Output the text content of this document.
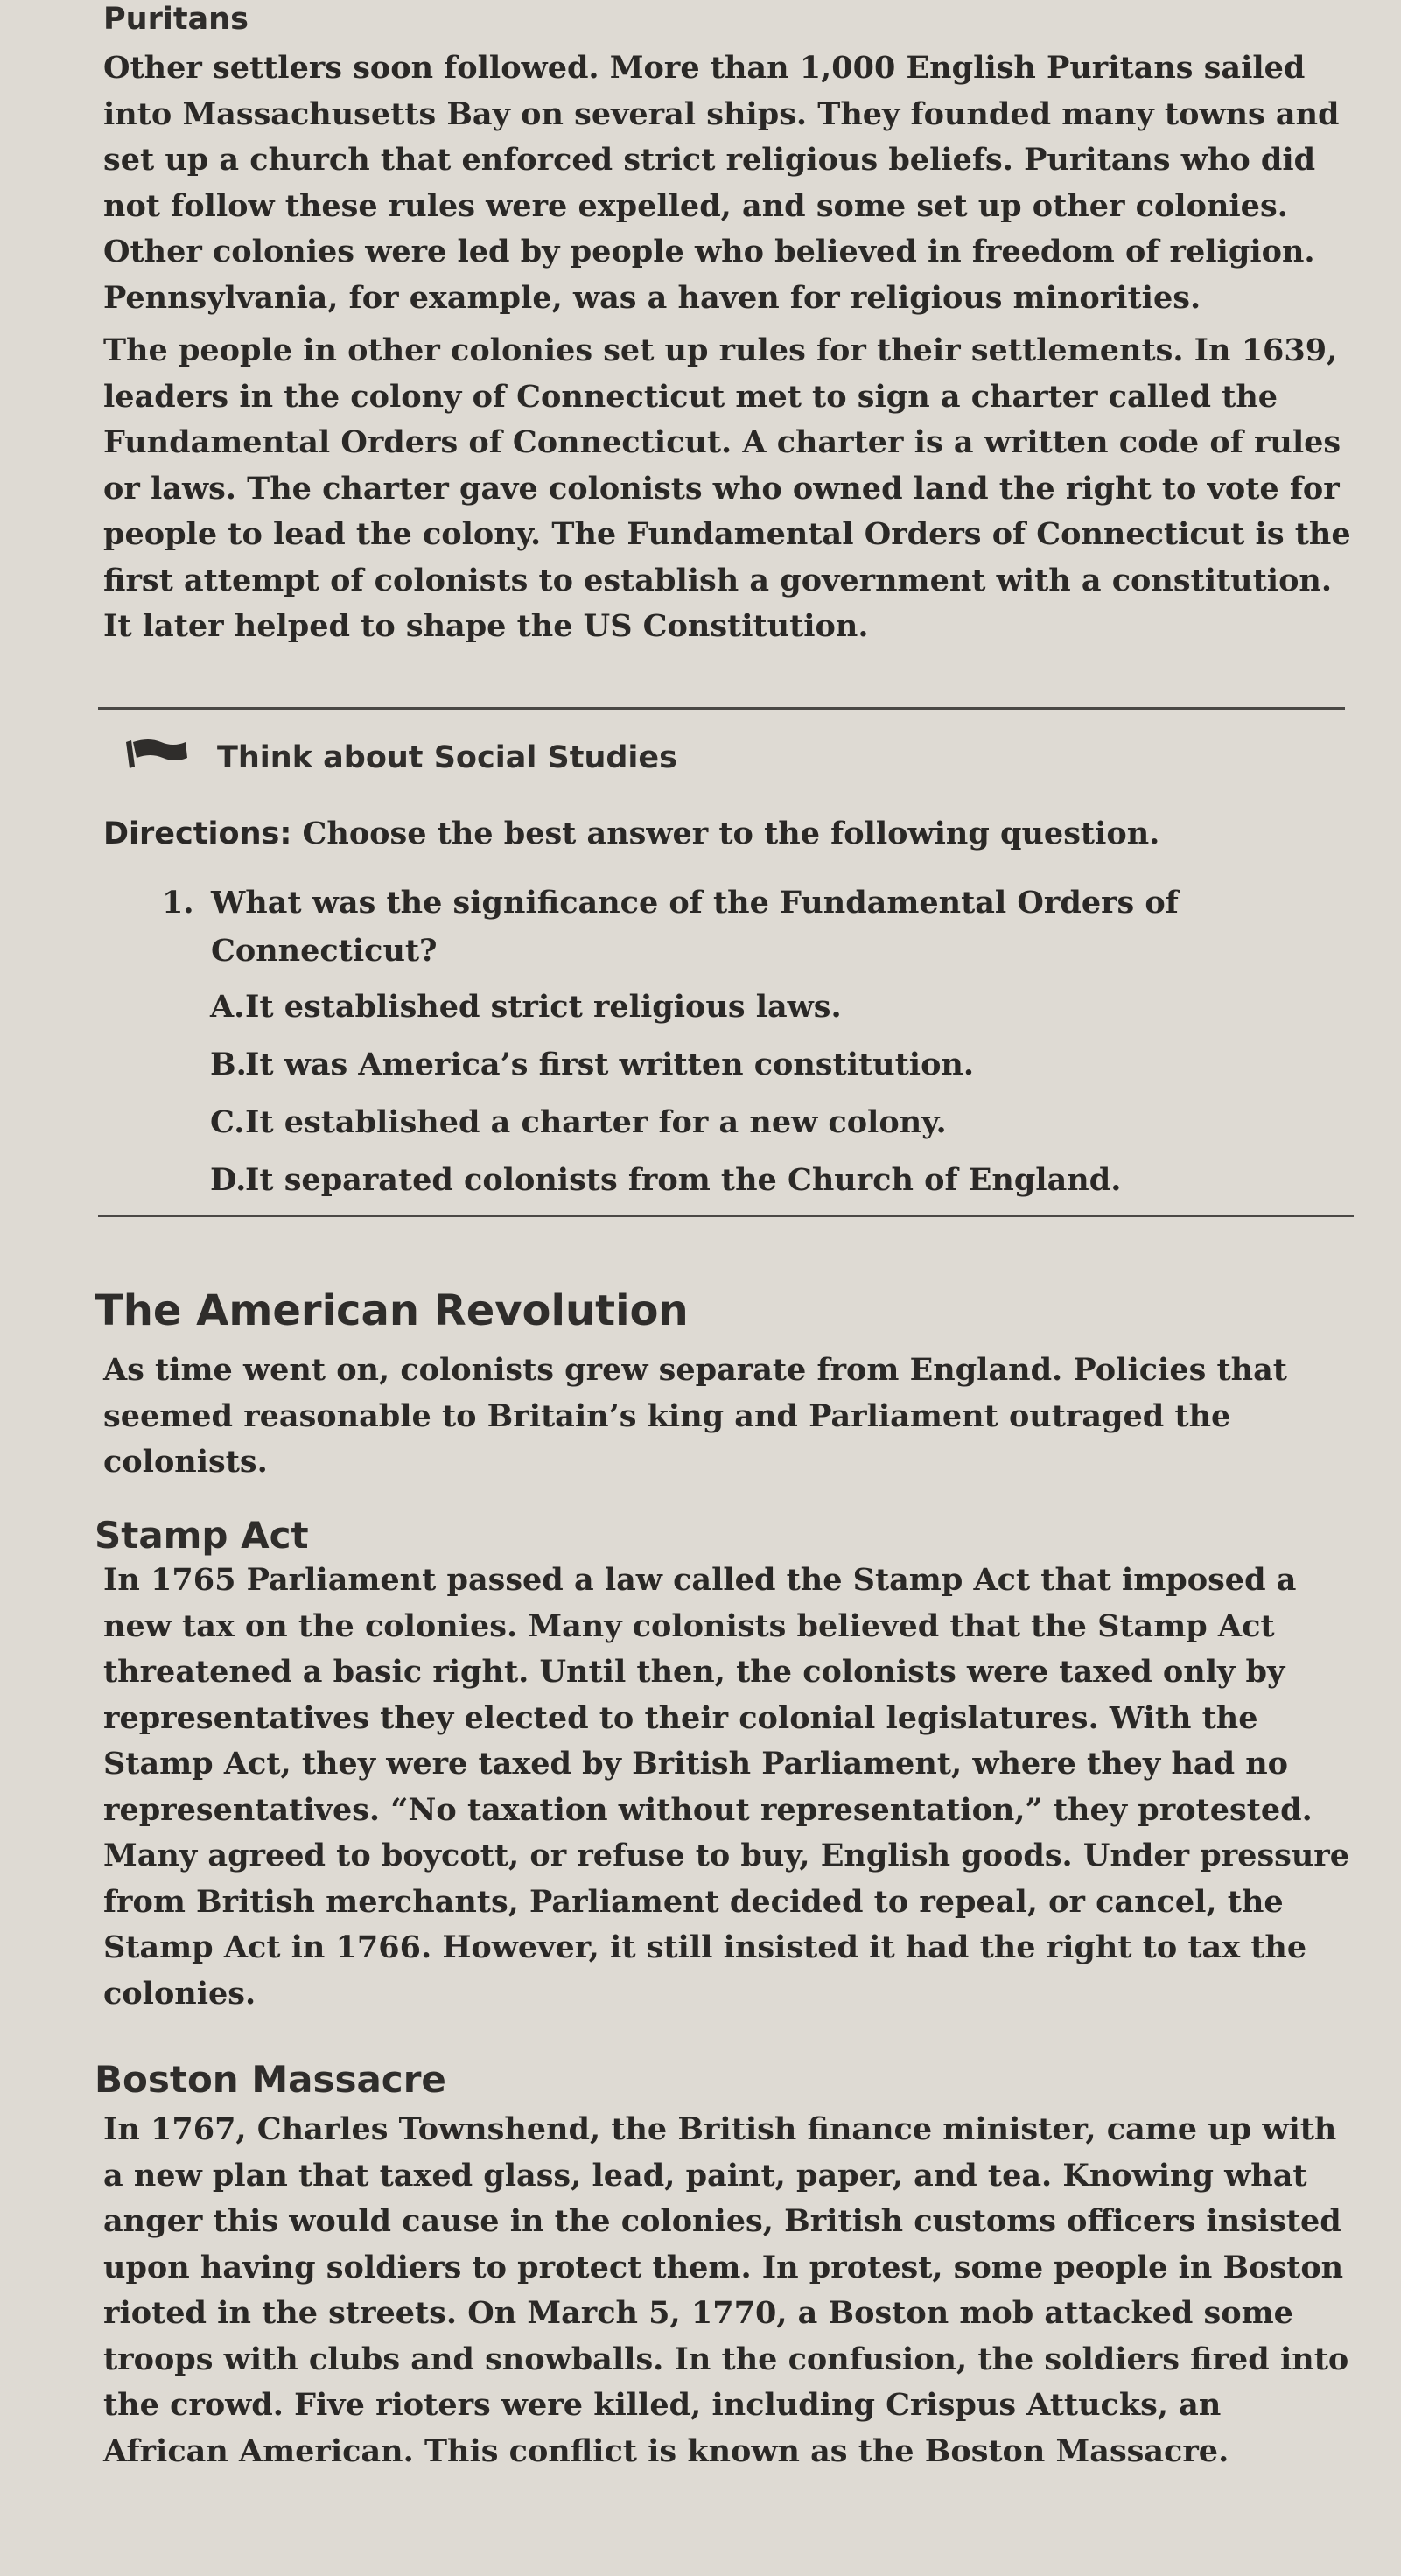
Puritans

Other settlers soon followed. More than 1,000 English Puritans sailed into Massachusetts Bay on several ships. They founded many towns and set up a church that enforced strict religious beliefs. Puritans who did not follow these rules were expelled, and some set up other colonies. Other colonies were led by people who believed in freedom of religion. Pennsylvania, for example, was a haven for religious minorities.

The people in other colonies set up rules for their settlements. In 1639, leaders in the colony of Connecticut met to sign a charter called the Fundamental Orders of Connecticut. A charter is a written code of rules or laws. The charter gave colonists who owned land the right to vote for people to lead the colony. The Fundamental Orders of Connecticut is the first attempt of colonists to establish a government with a constitution. It later helped to shape the US Constitution.

Think about Social Studies
Directions: Choose the best answer to the following question.
1. What was the significance of the Fundamental Orders of Connecticut?
A.It established strict religious laws.
B.It was America’s first written constitution.
C.It established a charter for a new colony.
D.It separated colonists from the Church of England.
The American Revolution

As time went on, colonists grew separate from England. Policies that seemed reasonable to Britain’s king and Parliament outraged the colonists.

Stamp Act

In 1765 Parliament passed a law called the Stamp Act that imposed a new tax on the colonies. Many colonists believed that the Stamp Act threatened a basic right. Until then, the colonists were taxed only by representatives they elected to their colonial legislatures. With the Stamp Act, they were taxed by British Parliament, where they had no representatives. “No taxation without representation,” they protested. Many agreed to boycott, or refuse to buy, English goods. Under pressure from British merchants, Parliament decided to repeal, or cancel, the Stamp Act in 1766. However, it still insisted it had the right to tax the colonies.

Boston Massacre

In 1767, Charles Townshend, the British finance minister, came up with a new plan that taxed glass, lead, paint, paper, and tea. Knowing what anger this would cause in the colonies, British customs officers insisted upon having soldiers to protect them. In protest, some people in Boston rioted in the streets. On March 5, 1770, a Boston mob attacked some troops with clubs and snowballs. In the confusion, the soldiers fired into the crowd. Five rioters were killed, including Crispus Attucks, an African American. This conflict is known as the Boston Massacre.
